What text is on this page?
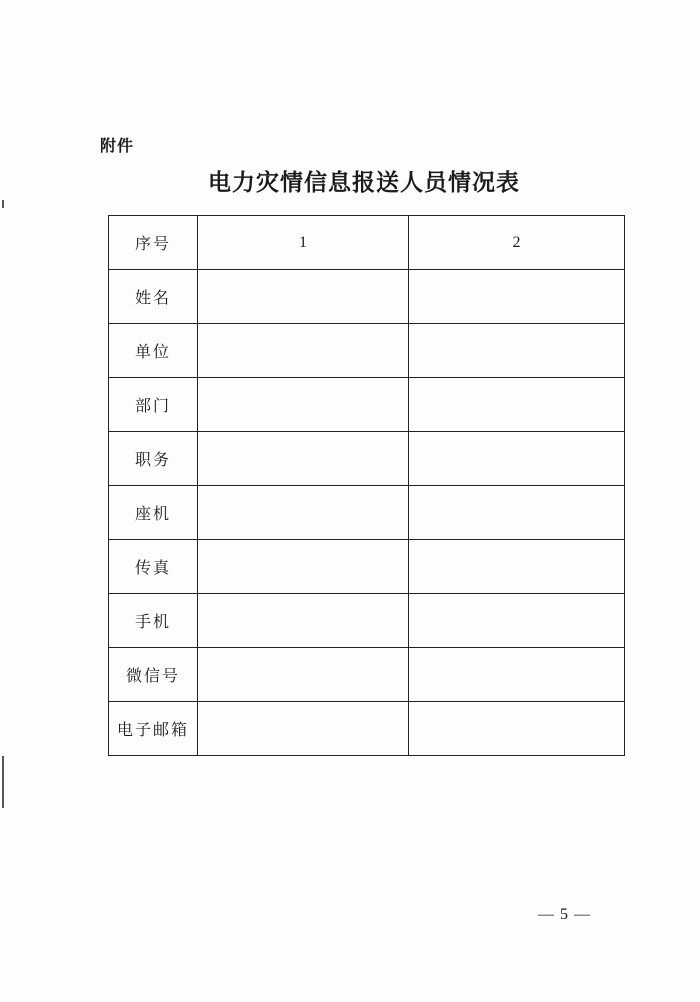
附件
电力灾情信息报送人员情况表
序号	1	2
姓名		
单位		
部门		
职务		
座机		
传真		
手机		
微信号		
电子邮箱		
— 5 —
